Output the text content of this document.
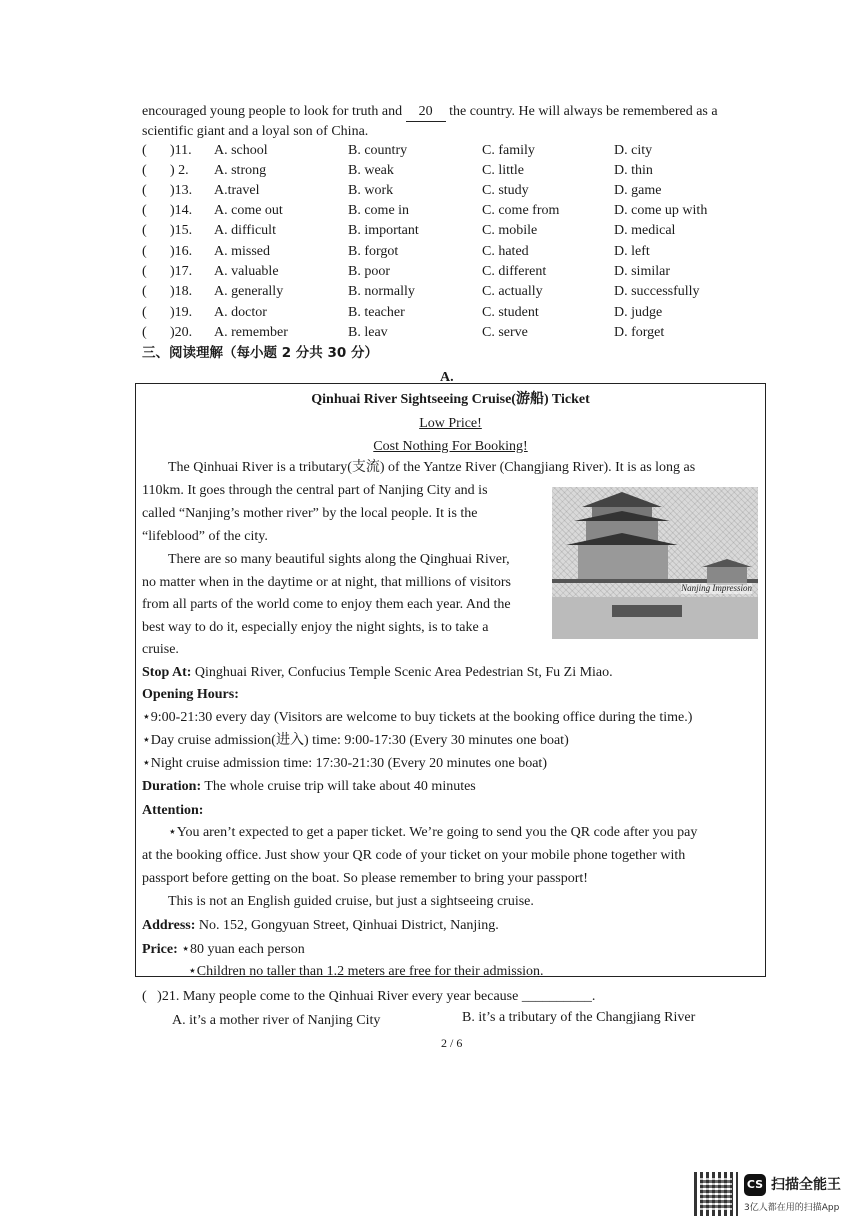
encouraged young people to look for truth and 20 the country. He will always be remembered as a
scientific giant and a loyal son of China.
( )11. A. school	B. country	C. family	D. city
( ) 2. A. strong	B. weak	C. little	D. thin
( )13. A.travel	B. work	C. study	D. game
( )14. A. come out	B. come in	C. come from	D. come up with
( )15. A. difficult	B. important	C. mobile	D. medical
( )16. A. missed	B. forgot	C. hated	D. left
( )17. A. valuable	B. poor	C. different	D. similar
( )18. A. generally	B. normally	C. actually	D. successfully
( )19. A. doctor	B. teacher	C. student	D. judge
( )20. A. remember	B. leav	C. serve	D. forget
三、阅读理解（每小题 2 分共 30 分）
A.
Qinhuai River Sightseeing Cruise(游船) Ticket
Low Price!
Cost Nothing For Booking!
The Qinhuai River is a tributary(支流) of the Yantze River (Changjiang River). It is as long as
110km. It goes through the central part of Nanjing City and is
called “Nanjing’s mother river” by the local people. It is the
“lifeblood” of the city.
There are so many beautiful sights along the Qinghuai River,
no matter when in the daytime or at night, that millions of visitors
from all parts of the world come to enjoy them each year. And the
best way to do it, especially enjoy the night sights, is to take a
cruise.
Nanjing Impression
Stop At: Qinghuai River, Confucius Temple Scenic Area Pedestrian St, Fu Zi Miao.
Opening Hours:
⋆9:00-21:30 every day (Visitors are welcome to buy tickets at the booking office during the time.)
⋆Day cruise admission(进入) time: 9:00-17:30 (Every 30 minutes one boat)
⋆Night cruise admission time: 17:30-21:30 (Every 20 minutes one boat)
Duration: The whole cruise trip will take about 40 minutes
Attention:
⋆You aren’t expected to get a paper ticket. We’re going to send you the QR code after you pay
at the booking office. Just show your QR code of your ticket on your mobile phone together with
passport before getting on the boat. So please remember to bring your passport!
This is not an English guided cruise, but just a sightseeing cruise.
Address: No. 152, Gongyuan Street, Qinhuai District, Nanjing.
Price: ⋆80 yuan each person
⋆Children no taller than 1.2 meters are free for their admission.
( )21. Many people come to the Qinhuai River every year because __________.
A. it’s a mother river of Nanjing City	B. it’s a tributary of the Changjiang River
2 / 6
CS 扫描全能王
3亿人都在用的扫描App
